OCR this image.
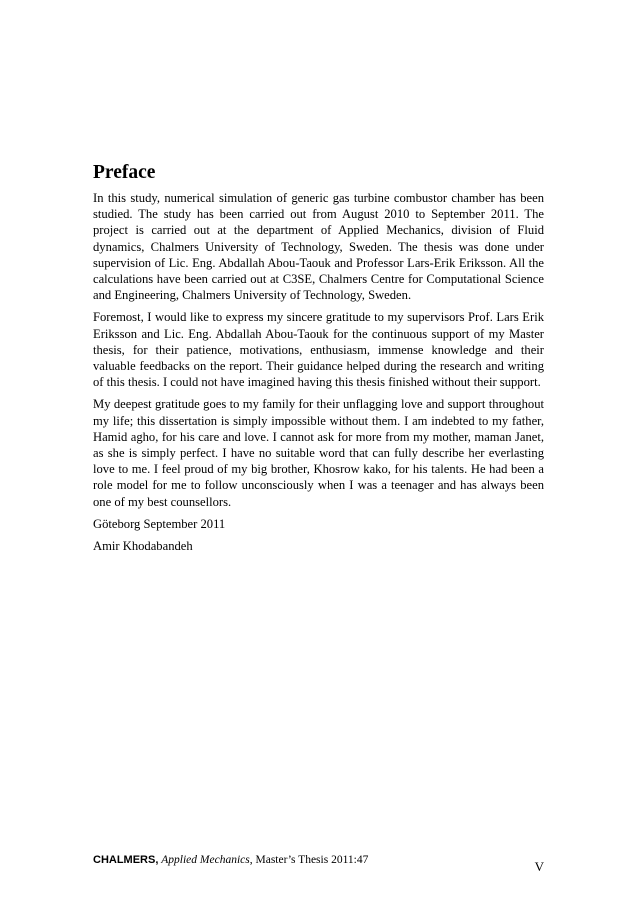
Preface

In this study, numerical simulation of generic gas turbine combustor chamber has been studied. The study has been carried out from August 2010 to September 2011. The project is carried out at the department of Applied Mechanics, division of Fluid dynamics, Chalmers University of Technology, Sweden. The thesis was done under supervision of Lic. Eng. Abdallah Abou-Taouk and Professor Lars-Erik Eriksson. All the calculations have been carried out at C3SE, Chalmers Centre for Computational Science and Engineering, Chalmers University of Technology, Sweden.

Foremost, I would like to express my sincere gratitude to my supervisors Prof. Lars Erik Eriksson and Lic. Eng. Abdallah Abou-Taouk for the continuous support of my Master thesis, for their patience, motivations, enthusiasm, immense knowledge and their valuable feedbacks on the report. Their guidance helped during the research and writing of this thesis. I could not have imagined having this thesis finished without their support.

My deepest gratitude goes to my family for their unflagging love and support throughout my life; this dissertation is simply impossible without them. I am indebted to my father, Hamid agho, for his care and love. I cannot ask for more from my mother, maman Janet, as she is simply perfect. I have no suitable word that can fully describe her everlasting love to me. I feel proud of my big brother, Khosrow kako, for his talents. He had been a role model for me to follow unconsciously when I was a teenager and has always been one of my best counsellors.

Göteborg September 2011

Amir Khodabandeh

CHALMERS, Applied Mechanics, Master’s Thesis 2011:47	V
